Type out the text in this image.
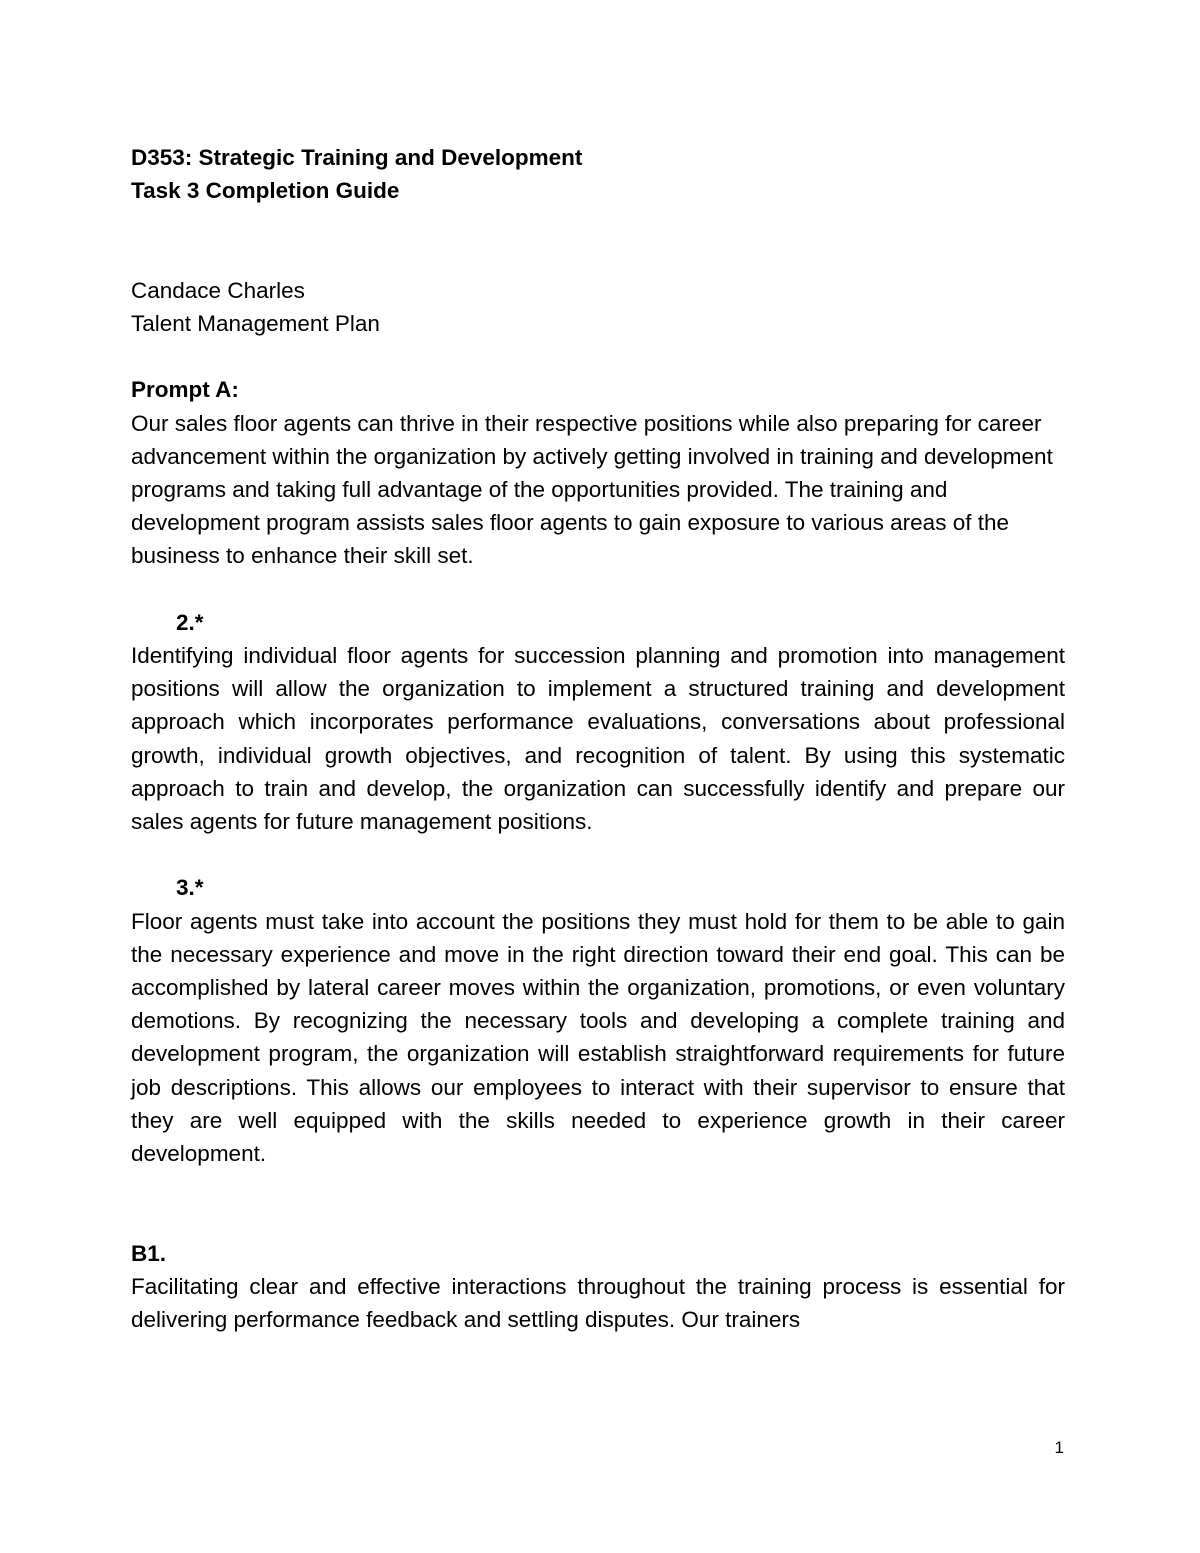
D353: Strategic Training and Development
Task 3 Completion Guide
Candace Charles
Talent Management Plan
Prompt A:

Our sales floor agents can thrive in their respective positions while also preparing for career advancement within the organization by actively getting involved in training and development programs and taking full advantage of the opportunities provided. The training and development program assists sales floor agents to gain exposure to various areas of the business to enhance their skill set.

2.*

Identifying individual floor agents for succession planning and promotion into management positions will allow the organization to implement a structured training and development approach which incorporates performance evaluations, conversations about professional growth, individual growth objectives, and recognition of talent. By using this systematic approach to train and develop, the organization can successfully identify and prepare our sales agents for future management positions.

3.*

Floor agents must take into account the positions they must hold for them to be able to gain the necessary experience and move in the right direction toward their end goal. This can be accomplished by lateral career moves within the organization, promotions, or even voluntary demotions. By recognizing the necessary tools and developing a complete training and development program, the organization will establish straightforward requirements for future job descriptions. This allows our employees to interact with their supervisor to ensure that they are well equipped with the skills needed to experience growth in their career development.

B1.

Facilitating clear and effective interactions throughout the training process is essential for delivering performance feedback and settling disputes. Our trainers

1
